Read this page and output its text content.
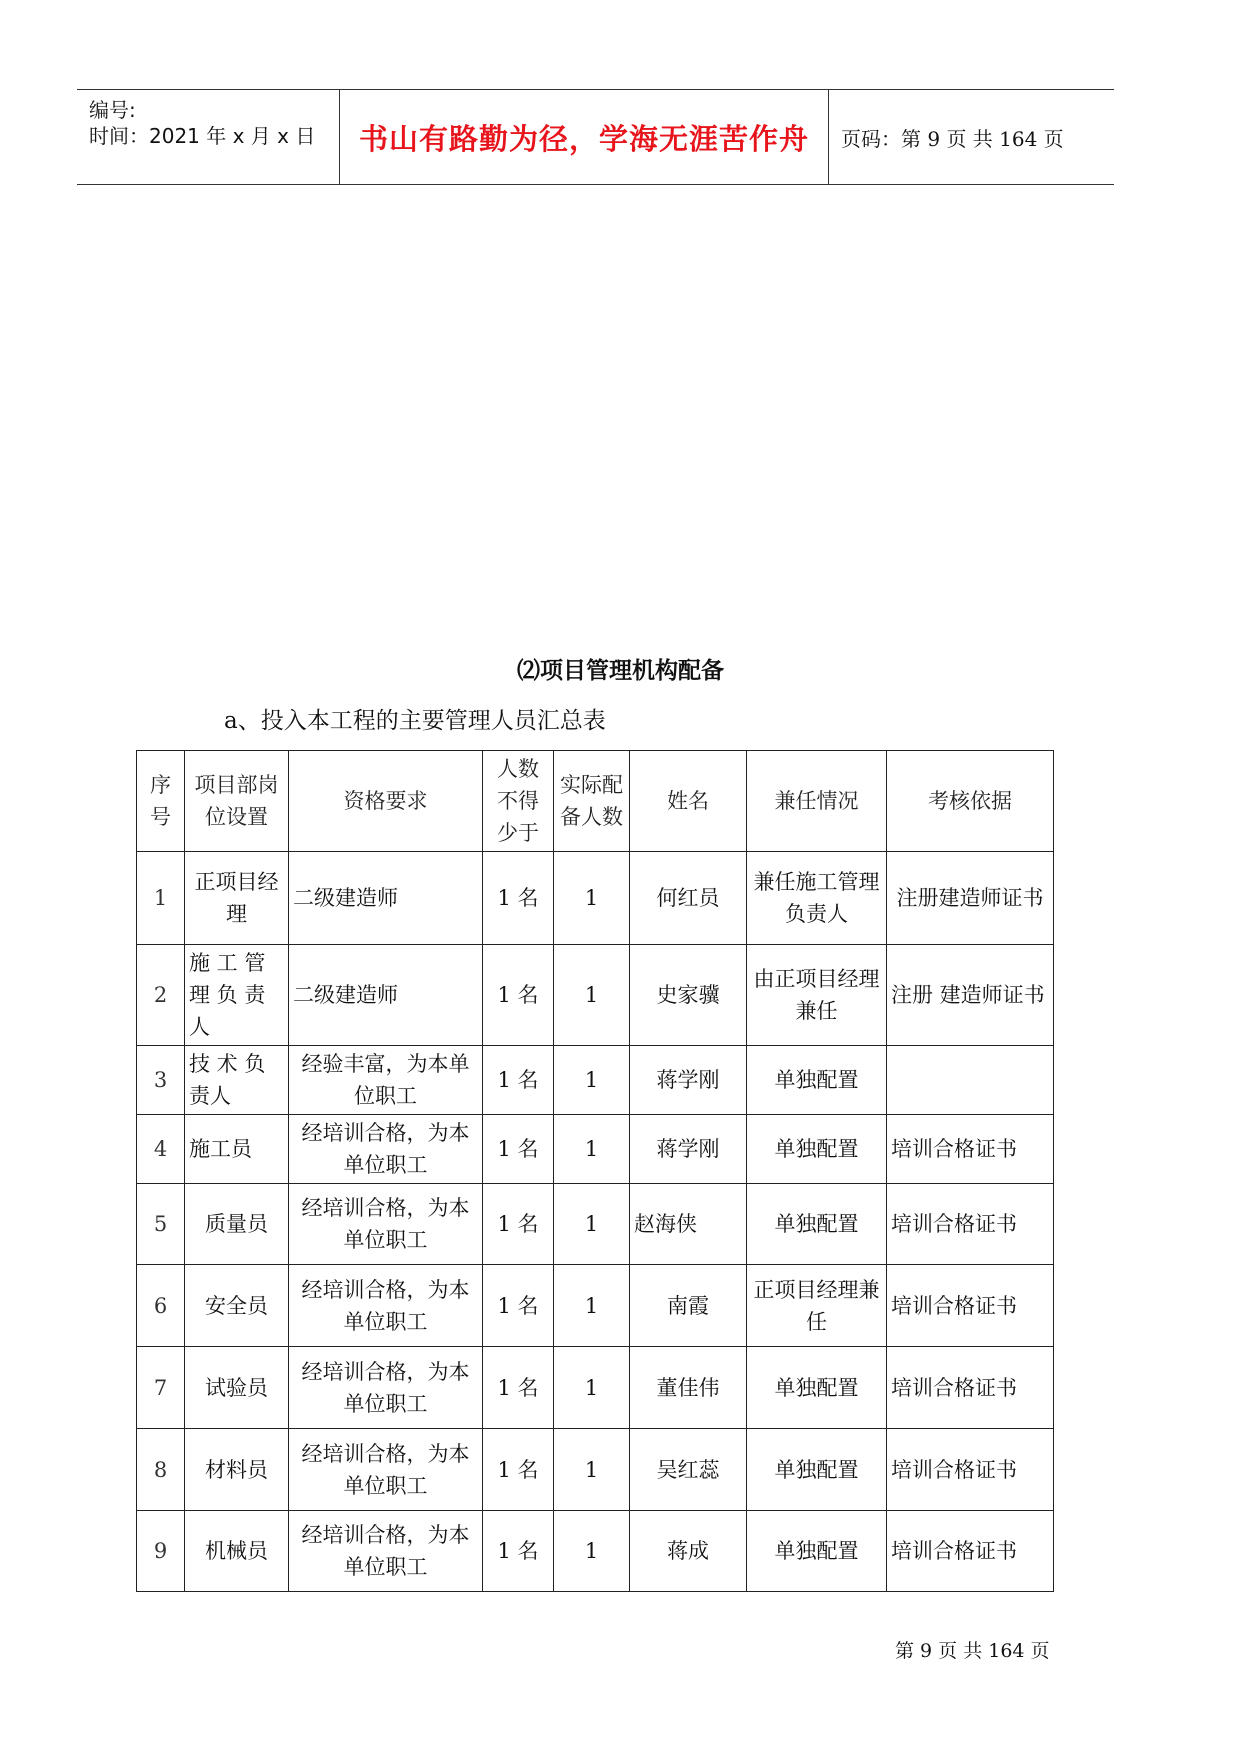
编号:
时间：2021 年 x 月 x 日 书山有路勤为径，学海无涯苦作舟 页码：第 9 页 共 164 页
⑵项目管理机构配备
a、投入本工程的主要管理人员汇总表
序号	项目部岗位设置	资格要求	人数不得少于	实际配备人数	姓名	兼任情况	考核依据
1	正项目经理	二级建造师	1 名	1	何红员	兼任施工管理负责人	注册建造师证书
2	施 工 管 理 负 责 人	二级建造师	1 名	1	史家骥	由正项目经理兼任	注册 建造师证书
3	技 术 负 责人	经验丰富，为本单位职工	1 名	1	蒋学刚	单独配置	
4	施工员	经培训合格，为本单位职工	1 名	1	蒋学刚	单独配置	培训合格证书
5	质量员	经培训合格，为本单位职工	1 名	1	赵海侠	单独配置	培训合格证书
6	安全员	经培训合格，为本单位职工	1 名	1	南霞	正项目经理兼任	培训合格证书
7	试验员	经培训合格，为本单位职工	1 名	1	董佳伟	单独配置	培训合格证书
8	材料员	经培训合格，为本单位职工	1 名	1	吴红蕊	单独配置	培训合格证书
9	机械员	经培训合格，为本单位职工	1 名	1	蒋成	单独配置	培训合格证书
第 9 页 共 164 页
